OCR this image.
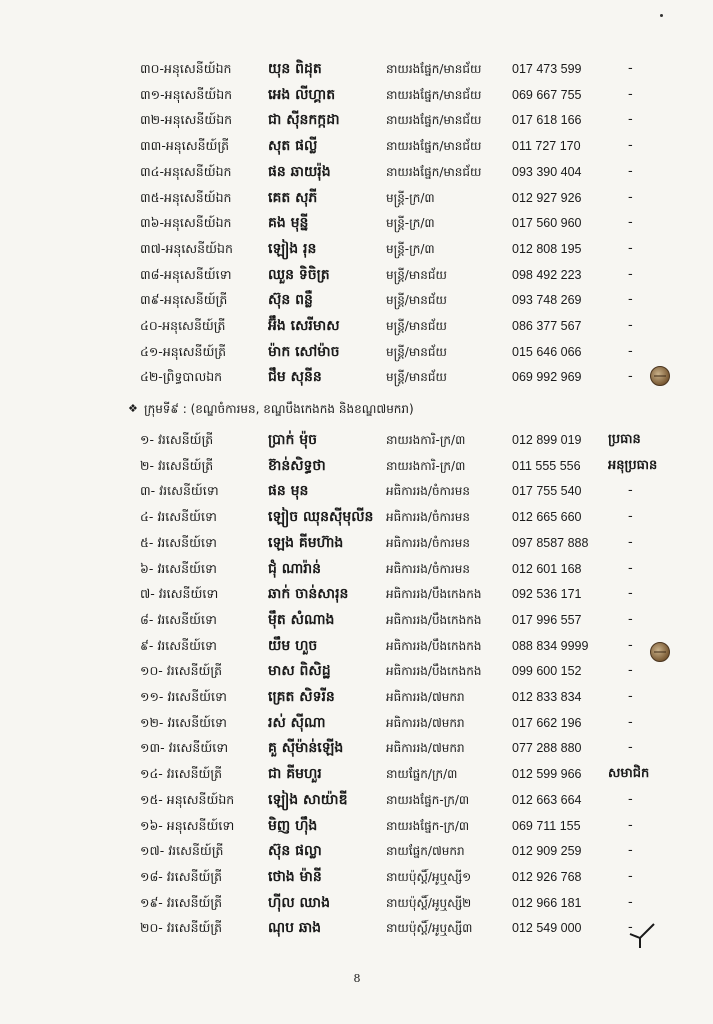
៣០-អនុសេនីយ៍ឯក	យុន ពិដុត	នាយរងផ្នែក/មានជ័យ	017 473 599	-
៣១-អនុសេនីយ៍ឯក	អេង លីហ្គាត	នាយរងផ្នែក/មានជ័យ	069 667 755	-
៣២-អនុសេនីយ៍ឯក	ជា សុីនកក្កដា	នាយរងផ្នែក/មានជ័យ	017 618 166	-
៣៣-អនុសេនីយ៍ត្រី	សុត ផល្លី	នាយរងផ្នែក/មានជ័យ	011 727 170	-
៣៤-អនុសេនីយ៍ឯក	ផន ឆាយរ៉ុង	នាយរងផ្នែក/មានជ័យ	093 390 404	-
៣៥-អនុសេនីយ៍ឯក	គេត សុភី	មន្ត្រី-ក្រ/៣	012 927 926	-
៣៦-អនុសេនីយ៍ឯក	គង មុន្នី	មន្ត្រី-ក្រ/៣	017 560 960	-
៣៧-អនុសេនីយ៍ឯក	ឡៀង រុន	មន្ត្រី-ក្រ/៣	012 808 195	-
៣៨-អនុសេនីយ៍ទោ	ឈួន ទិចិត្រ	មន្ត្រី/មានជ័យ	098 492 223	-
៣៩-អនុសេនីយ៍ត្រី	ស៊ុន ពន្លឺ	មន្ត្រី/មានជ័យ	093 748 269	-
៤០-អនុសេនីយ៍ត្រី	អ៊ឹង សេរីមាស	មន្ត្រី/មានជ័យ	086 377 567	-
៤១-អនុសេនីយ៍ត្រី	ម៉ាក សៅម៉ាច	មន្ត្រី/មានជ័យ	015 646 066	-
៤២-ព្រិទ្ធបាលឯក	ជឹម សុនីន	មន្ត្រី/មានជ័យ	069 992 969	-
❖ ក្រុមទី៩ : (ខណ្ឌចំការមន, ខណ្ឌបឹងកេងកង និងខណ្ឌ៧មករា)
១- វរសេនីយ៍ត្រី	ប្រាក់ ម៉ុច	នាយរងការិ-ក្រ/៣	012 899 019	ប្រធាន
២- វរសេនីយ៍ត្រី	ខ៊ាន់សិទ្ធថា	នាយរងការិ-ក្រ/៣	011 555 556	អនុប្រធាន
៣- វរសេនីយ៍ទោ	ផន មុន	អធិការរង/ចំការមន	017 755 540	-
៤- វរសេនីយ៍ទោ	ឡៀច ឈុនសុីមុលីន	អធិការរង/ចំការមន	012 665 660	-
៥- វរសេនីយ៍ទោ	ឡេង គីមហ៊ាង	អធិការរង/ចំការមន	097 8587 888	-
៦- វរសេនីយ៍ទោ	ជុំ ណារ៉ាន់	អធិការរង/ចំការមន	012 601 168	-
៧- វរសេនីយ៍ទោ	ឆាក់ ចាន់សារុន	អធិការរង/បឹងកេងកង	092 536 171	-
៨- វរសេនីយ៍ទោ	ម៉ឹត សំណាង	អធិការរង/បឹងកេងកង	017 996 557	-
៩- វរសេនីយ៍ទោ	យឹម ហួច	អធិការរង/បឹងកេងកង	088 834 9999	-
១០- វរសេនីយ៍ត្រី	មាស ពិសិដ្ឋ	អធិការរង/បឹងកេងកង	099 600 152	-
១១- វរសេនីយ៍ទោ	គ្រេត សិទរីន	អធិការរង/៧មករា	012 833 834	-
១២- វរសេនីយ៍ទោ	រស់ សុីណា	អធិការរង/៧មករា	017 662 196	-
១៣- វរសេនីយ៍ទោ	គួ សុីម៉ាន់ឡើង	អធិការរង/៧មករា	077 288 880	-
១៤- វរសេនីយ៍ត្រី	ជា គីមហួរ	នាយផ្នែក/ក្រ/៣	012 599 966	សមាជិក
១៥- អនុសេនីយ៍ឯក	ឡៀង សាយ៉ាឌី	នាយរងផ្នែក-ក្រ/៣	012 663 664	-
១៦- អនុសេនីយ៍ទោ	មិញ ហ៊ឹង	នាយរងផ្នែក-ក្រ/៣	069 711 155	-
១៧- វរសេនីយ៍ត្រី	ស៊ុន ផល្លា	នាយផ្នែក/៧មករា	012 909 259	-
១៨- វរសេនីយ៍ត្រី	ថោង ម៉ានី	នាយប៉ុស្តិ៍/អូឬស្សី១	012 926 768	-
១៩- វរសេនីយ៍ត្រី	ហ៊ីល ឈាង	នាយប៉ុស្តិ៍/អូឬស្សី២	012 966 181	-
២០- វរសេនីយ៍ត្រី	ណុប ឆាង	នាយប៉ុស្តិ៍/អូឬស្សី៣	012 549 000	-
8
